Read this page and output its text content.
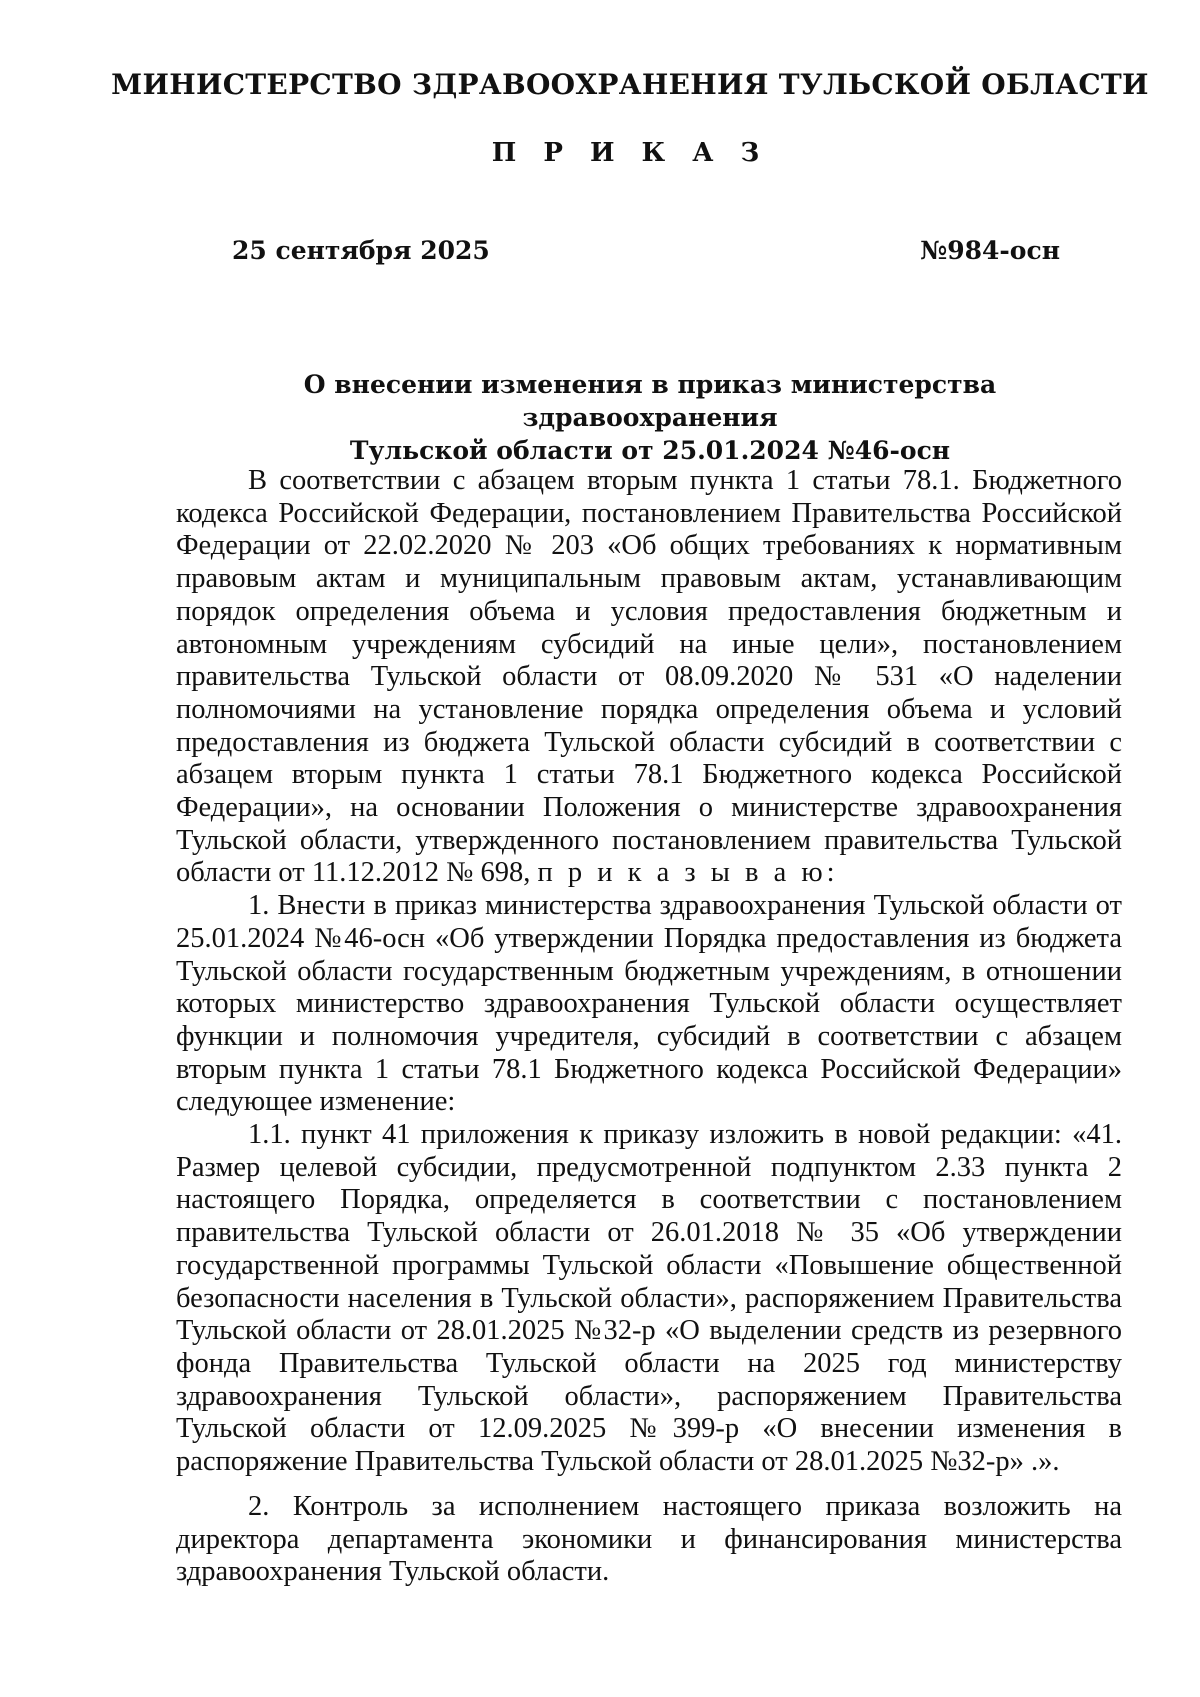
МИНИСТЕРСТВО ЗДРАВООХРАНЕНИЯ ТУЛЬСКОЙ ОБЛАСТИ
П Р И К А З
25 сентября 2025	№984-осн
О внесении изменения в приказ министерства здравоохранения
Тульской области от 25.01.2024 №46-осн

В соответствии с абзацем вторым пункта 1 статьи 78.1. Бюджетного кодекса Российской Федерации, постановлением Правительства Российской Федерации от 22.02.2020 № 203 «Об общих требованиях к нормативным правовым актам и муниципальным правовым актам, устанавливающим порядок определения объема и условия предоставления бюджетным и автономным учреждениям субсидий на иные цели», постановлением правительства Тульской области от 08.09.2020 № 531 «О наделении полномочиями на установление порядка определения объема и условий предоставления из бюджета Тульской области субсидий в соответствии с абзацем вторым пункта 1 статьи 78.1 Бюджетного кодекса Российской Федерации», на основании Положения о министерстве здравоохранения Тульской области, утвержденного постановлением правительства Тульской области от 11.12.2012 № 698, п р и к а з ы в а ю:

1. Внести в приказ министерства здравоохранения Тульской области от 25.01.2024 №46-осн «Об утверждении Порядка предоставления из бюджета Тульской области государственным бюджетным учреждениям, в отношении которых министерство здравоохранения Тульской области осуществляет функции и полномочия учредителя, субсидий в соответствии с абзацем вторым пункта 1 статьи 78.1 Бюджетного кодекса Российской Федерации» следующее изменение:

1.1. пункт 41 приложения к приказу изложить в новой редакции: «41. Размер целевой субсидии, предусмотренной подпунктом 2.33 пункта 2 настоящего Порядка, определяется в соответствии с постановлением правительства Тульской области от 26.01.2018 № 35 «Об утверждении государственной программы Тульской области «Повышение общественной безопасности населения в Тульской области», распоряжением Правительства Тульской области от 28.01.2025 №32-р «О выделении средств из резервного фонда Правительства Тульской области на 2025 год министерству здравоохранения Тульской области», распоряжением Правительства Тульской области от 12.09.2025 №399-р «О внесении изменения в распоряжение Правительства Тульской области от 28.01.2025 №32-р» .».

2. Контроль за исполнением настоящего приказа возложить на директора департамента экономики и финансирования министерства здравоохранения Тульской области.
